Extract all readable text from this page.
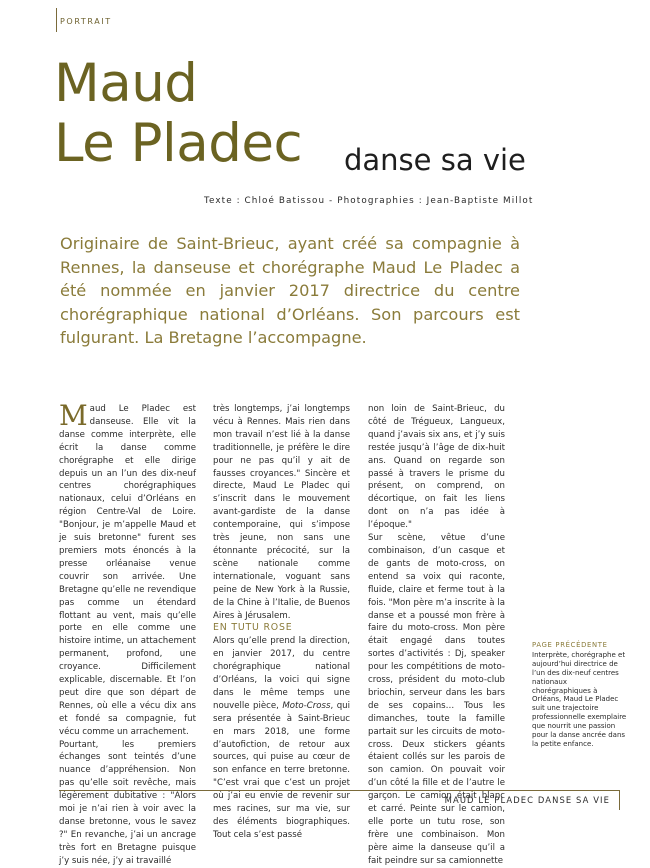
PORTRAIT
Maud
Le Pladec danse sa vie
Texte : Chloé Batissou - Photographies : Jean-Baptiste Millot
Originaire de Saint-Brieuc, ayant créé sa compagnie à Rennes, la danseuse et chorégraphe Maud Le Pladec a été nommée en janvier 2017 directrice du centre chorégraphique national d’Orléans. Son parcours est fulgurant. La Bretagne l’accompagne.

Maud Le Pladec est danseuse. Elle vit la danse comme interprète, elle écrit la danse comme chorégraphe et elle dirige depuis un an l’un des dix-neuf centres chorégraphiques nationaux, celui d’Orléans en région Centre-Val de Loire. "Bonjour, je m’appelle Maud et je suis bretonne" furent ses premiers mots énoncés à la presse orléanaise venue couvrir son arrivée. Une Bretagne qu’elle ne revendique pas comme un étendard flottant au vent, mais qu’elle porte en elle comme une histoire intime, un attachement permanent, profond, une croyance. Difficilement explicable, discernable. Et l’on peut dire que son départ de Rennes, où elle a vécu dix ans et fondé sa compagnie, fut vécu comme un arrachement.

Pourtant, les premiers échanges sont teintés d’une nuance d’appréhension. Non pas qu’elle soit revêche, mais légèrement dubitative : "Alors moi je n’ai rien à voir avec la danse bretonne, vous le savez ?" En revanche, j’ai un ancrage très fort en Bretagne puisque j’y suis née, j’y ai travaillé

très longtemps, j’ai longtemps vécu à Rennes. Mais rien dans mon travail n’est lié à la danse traditionnelle, je préfère le dire pour ne pas qu’il y ait de fausses croyances." Sincère et directe, Maud Le Pladec qui s’inscrit dans le mouvement avant-gardiste de la danse contemporaine, qui s’impose très jeune, non sans une étonnante précocité, sur la scène nationale comme internationale, voguant sans peine de New York à la Russie, de la Chine à l’Italie, de Buenos Aires à Jérusalem.

EN TUTU ROSE

Alors qu’elle prend la direction, en janvier 2017, du centre chorégraphique national d’Orléans, la voici qui signe dans le même temps une nouvelle pièce, Moto-Cross, qui sera présentée à Saint-Brieuc en mars 2018, une forme d’autofiction, de retour aux sources, qui puise au cœur de son enfance en terre bretonne. "C’est vrai que c’est un projet où j’ai eu envie de revenir sur mes racines, sur ma vie, sur des éléments biographiques. Tout cela s’est passé

non loin de Saint-Brieuc, du côté de Trégueux, Langueux, quand j’avais six ans, et j’y suis restée jusqu’à l’âge de dix-huit ans. Quand on regarde son passé à travers le prisme du présent, on comprend, on décortique, on fait les liens dont on n’a pas idée à l’époque."

Sur scène, vêtue d’une combinaison, d’un casque et de gants de moto-cross, on entend sa voix qui raconte, fluide, claire et ferme tout à la fois. "Mon père m’a inscrite à la danse et a poussé mon frère à faire du moto-cross. Mon père était engagé dans toutes sortes d’activités : Dj, speaker pour les compétitions de moto-cross, président du moto-club briochin, serveur dans les bars de ses copains… Tous les dimanches, toute la famille partait sur les circuits de moto-cross. Deux stickers géants étaient collés sur les parois de son camion. On pouvait voir d’un côté la fille et de l’autre le garçon. Le camion était blanc et carré. Peinte sur le camion, elle porte un tutu rose, son frère une combinaison. Mon père aime la danseuse qu’il a fait peindre sur sa camionnette

PAGE PRÉCÉDENTE
Interprète, chorégraphe et aujourd’hui directrice de l’un des dix-neuf centres nationaux chorégraphiques à Orléans, Maud Le Pladec suit une trajectoire professionnelle exemplaire que nourrit une passion pour la danse ancrée dans la petite enfance.
MAUD LE PLADEC DANSE SA VIE
